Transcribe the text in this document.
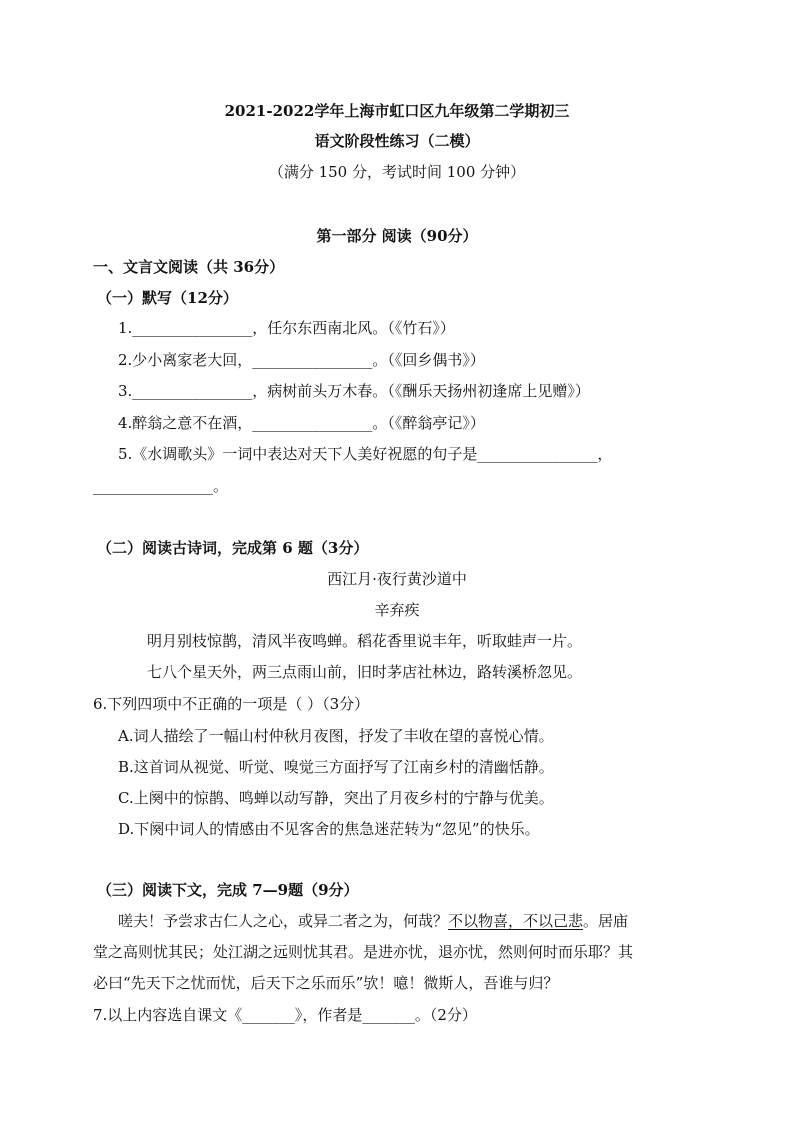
2021-2022学年上海市虹口区九年级第二学期初三
语文阶段性练习（二模）
（满分 150 分，考试时间 100 分钟）
第一部分 阅读（90分）
一、文言文阅读（共 36分）
（一）默写（12分）
1.________________，任尔东西南北风。（《竹石》）
2.少小离家老大回，________________。（《回乡偶书》）
3.________________，病树前头万木春。（《酬乐天扬州初逢席上见赠》）
4.醉翁之意不在酒，________________。（《醉翁亭记》）
5.《水调歌头》一词中表达对天下人美好祝愿的句子是________________，
________________。
（二）阅读古诗词，完成第 6 题（3分）
西江月·夜行黄沙道中
辛弃疾
明月别枝惊鹊，清风半夜鸣蝉。稻花香里说丰年，听取蛙声一片。
七八个星天外，两三点雨山前，旧时茅店社林边，路转溪桥忽见。
6.下列四项中不正确的一项是（ ）（3分）
A.词人描绘了一幅山村仲秋月夜图，抒发了丰收在望的喜悦心情。
B.这首词从视觉、听觉、嗅觉三方面抒写了江南乡村的清幽恬静。
C.上阕中的惊鹊、鸣蝉以动写静，突出了月夜乡村的宁静与优美。
D.下阕中词人的情感由不见客舍的焦急迷茫转为“忽见”的快乐。
（三）阅读下文，完成 7—9题（9分）
嗟夫！予尝求古仁人之心，或异二者之为，何哉？不以物喜，不以己悲。居庙
堂之高则忧其民；处江湖之远则忧其君。是进亦忧，退亦忧，然则何时而乐耶？其
必曰“先天下之忧而忧，后天下之乐而乐”欤！噫！微斯人，吾谁与归？
7.以上内容选自课文《_______》，作者是_______。（2分）
